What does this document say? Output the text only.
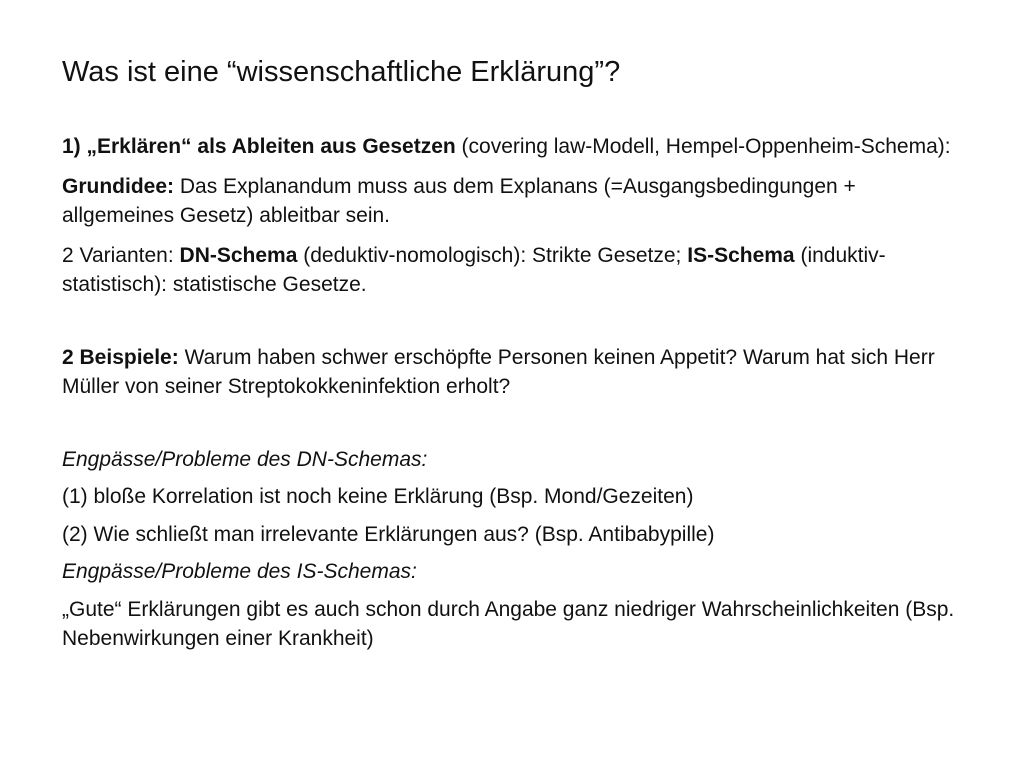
Was ist eine “wissenschaftliche Erklärung”?

1) „Erklären“ als Ableiten aus Gesetzen (covering law-Modell, Hempel-Oppenheim-Schema):

Grundidee: Das Explanandum muss aus dem Explanans (=Ausgangsbedingungen + allgemeines Gesetz) ableitbar sein.

2 Varianten: DN-Schema (deduktiv-nomologisch): Strikte Gesetze; IS-Schema (induktiv-statistisch): statistische Gesetze.

2 Beispiele: Warum haben schwer erschöpfte Personen keinen Appetit? Warum hat sich Herr Müller von seiner Streptokokkeninfektion erholt?

Engpässe/Probleme des DN-Schemas:

(1) bloße Korrelation ist noch keine Erklärung (Bsp. Mond/Gezeiten)

(2) Wie schließt man irrelevante Erklärungen aus? (Bsp. Antibabypille)

Engpässe/Probleme des IS-Schemas:

„Gute“ Erklärungen gibt es auch schon durch Angabe ganz niedriger Wahrscheinlichkeiten (Bsp. Nebenwirkungen einer Krankheit)
